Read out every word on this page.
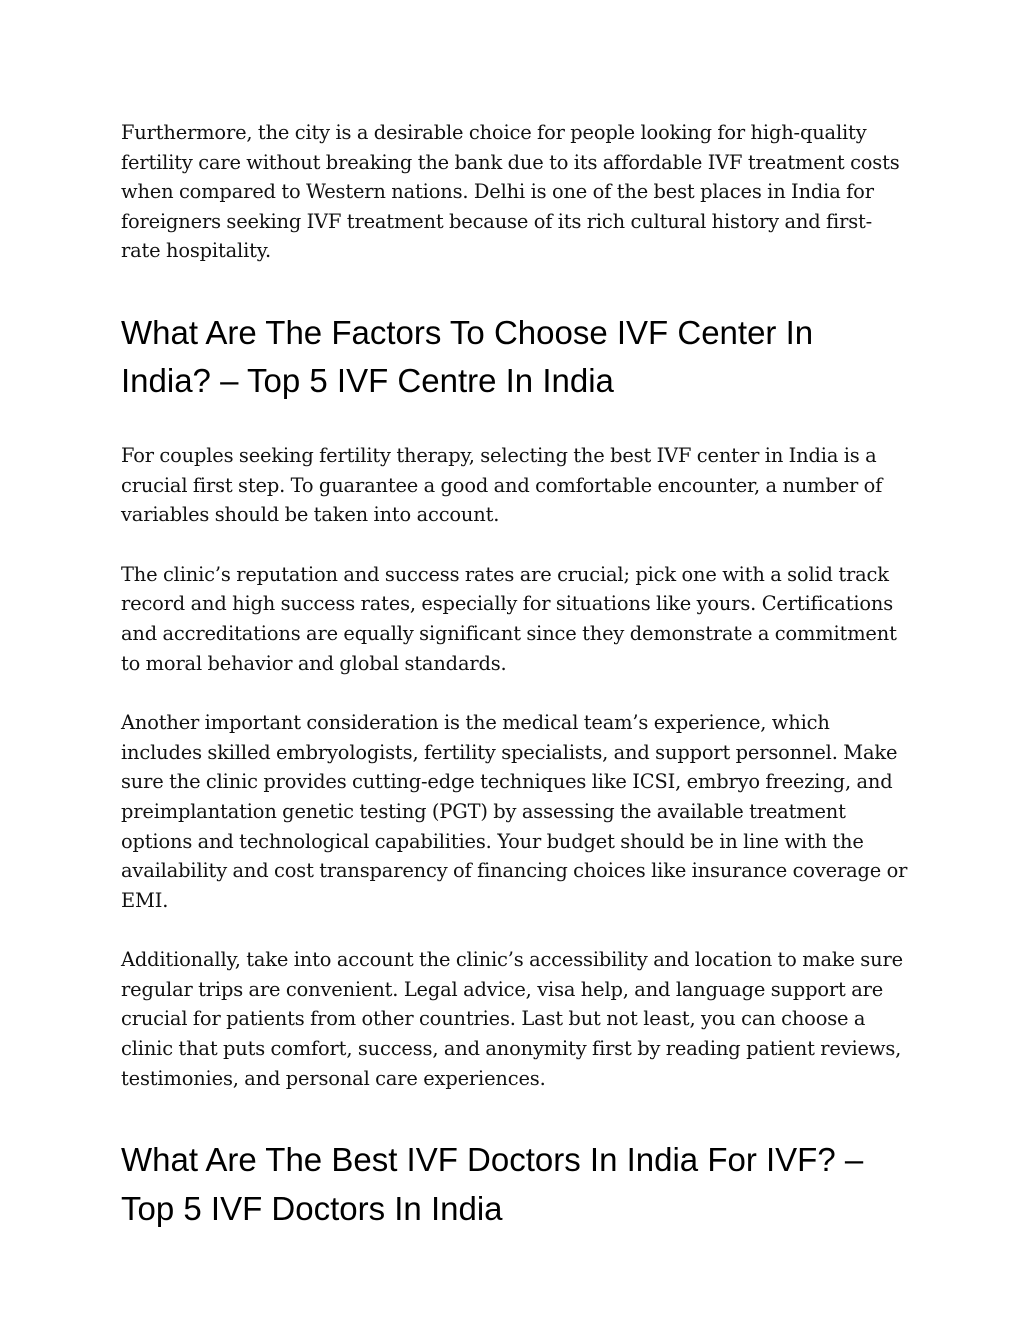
Furthermore, the city is a desirable choice for people looking for high-quality fertility care without breaking the bank due to its affordable IVF treatment costs when compared to Western nations. Delhi is one of the best places in India for foreigners seeking IVF treatment because of its rich cultural history and first-rate hospitality.

What Are The Factors To Choose IVF Center In India? – Top 5 IVF Centre In India

For couples seeking fertility therapy, selecting the best IVF center in India is a crucial first step. To guarantee a good and comfortable encounter, a number of variables should be taken into account.

The clinic’s reputation and success rates are crucial; pick one with a solid track record and high success rates, especially for situations like yours. Certifications and accreditations are equally significant since they demonstrate a commitment to moral behavior and global standards.

Another important consideration is the medical team’s experience, which includes skilled embryologists, fertility specialists, and support personnel. Make sure the clinic provides cutting-edge techniques like ICSI, embryo freezing, and preimplantation genetic testing (PGT) by assessing the available treatment options and technological capabilities. Your budget should be in line with the availability and cost transparency of financing choices like insurance coverage or EMI.

Additionally, take into account the clinic’s accessibility and location to make sure regular trips are convenient. Legal advice, visa help, and language support are crucial for patients from other countries. Last but not least, you can choose a clinic that puts comfort, success, and anonymity first by reading patient reviews, testimonies, and personal care experiences.

What Are The Best IVF Doctors In India For IVF? – Top 5 IVF Doctors In India
